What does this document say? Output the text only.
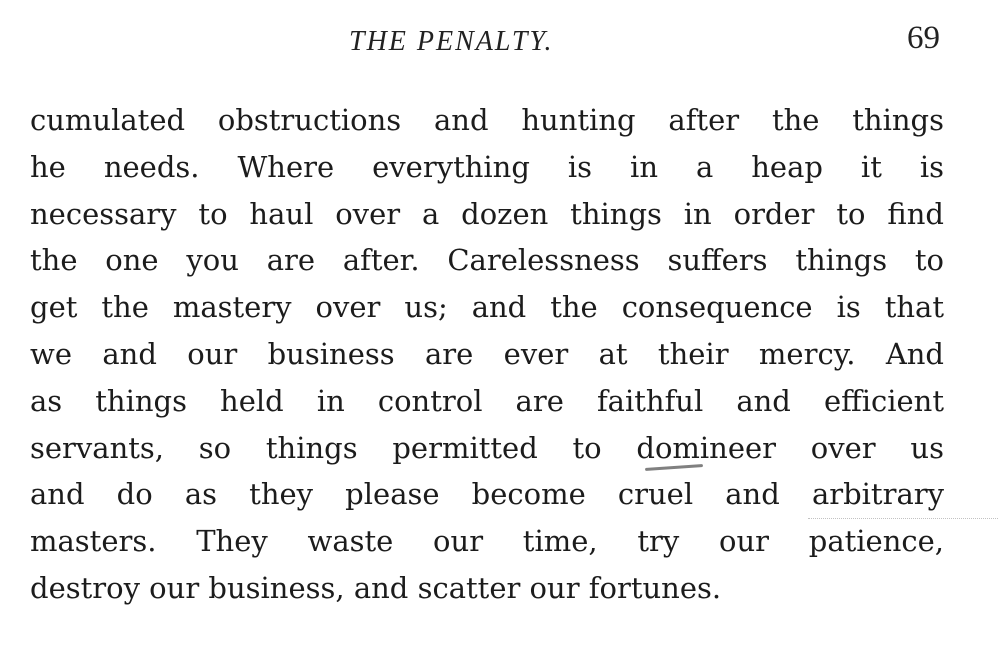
THE PENALTY.	69
cumulated obstructions and hunting after the things
he needs. Where everything is in a heap it is
necessary to haul over a dozen things in order to find
the one you are after. Carelessness suffers things to
get the mastery over us; and the consequence is that
we and our business are ever at their mercy. And
as things held in control are faithful and efficient
servants, so things permitted to domineer over us
and do as they please become cruel and arbitrary
masters. They waste our time, try our patience,
destroy our business, and scatter our fortunes.
